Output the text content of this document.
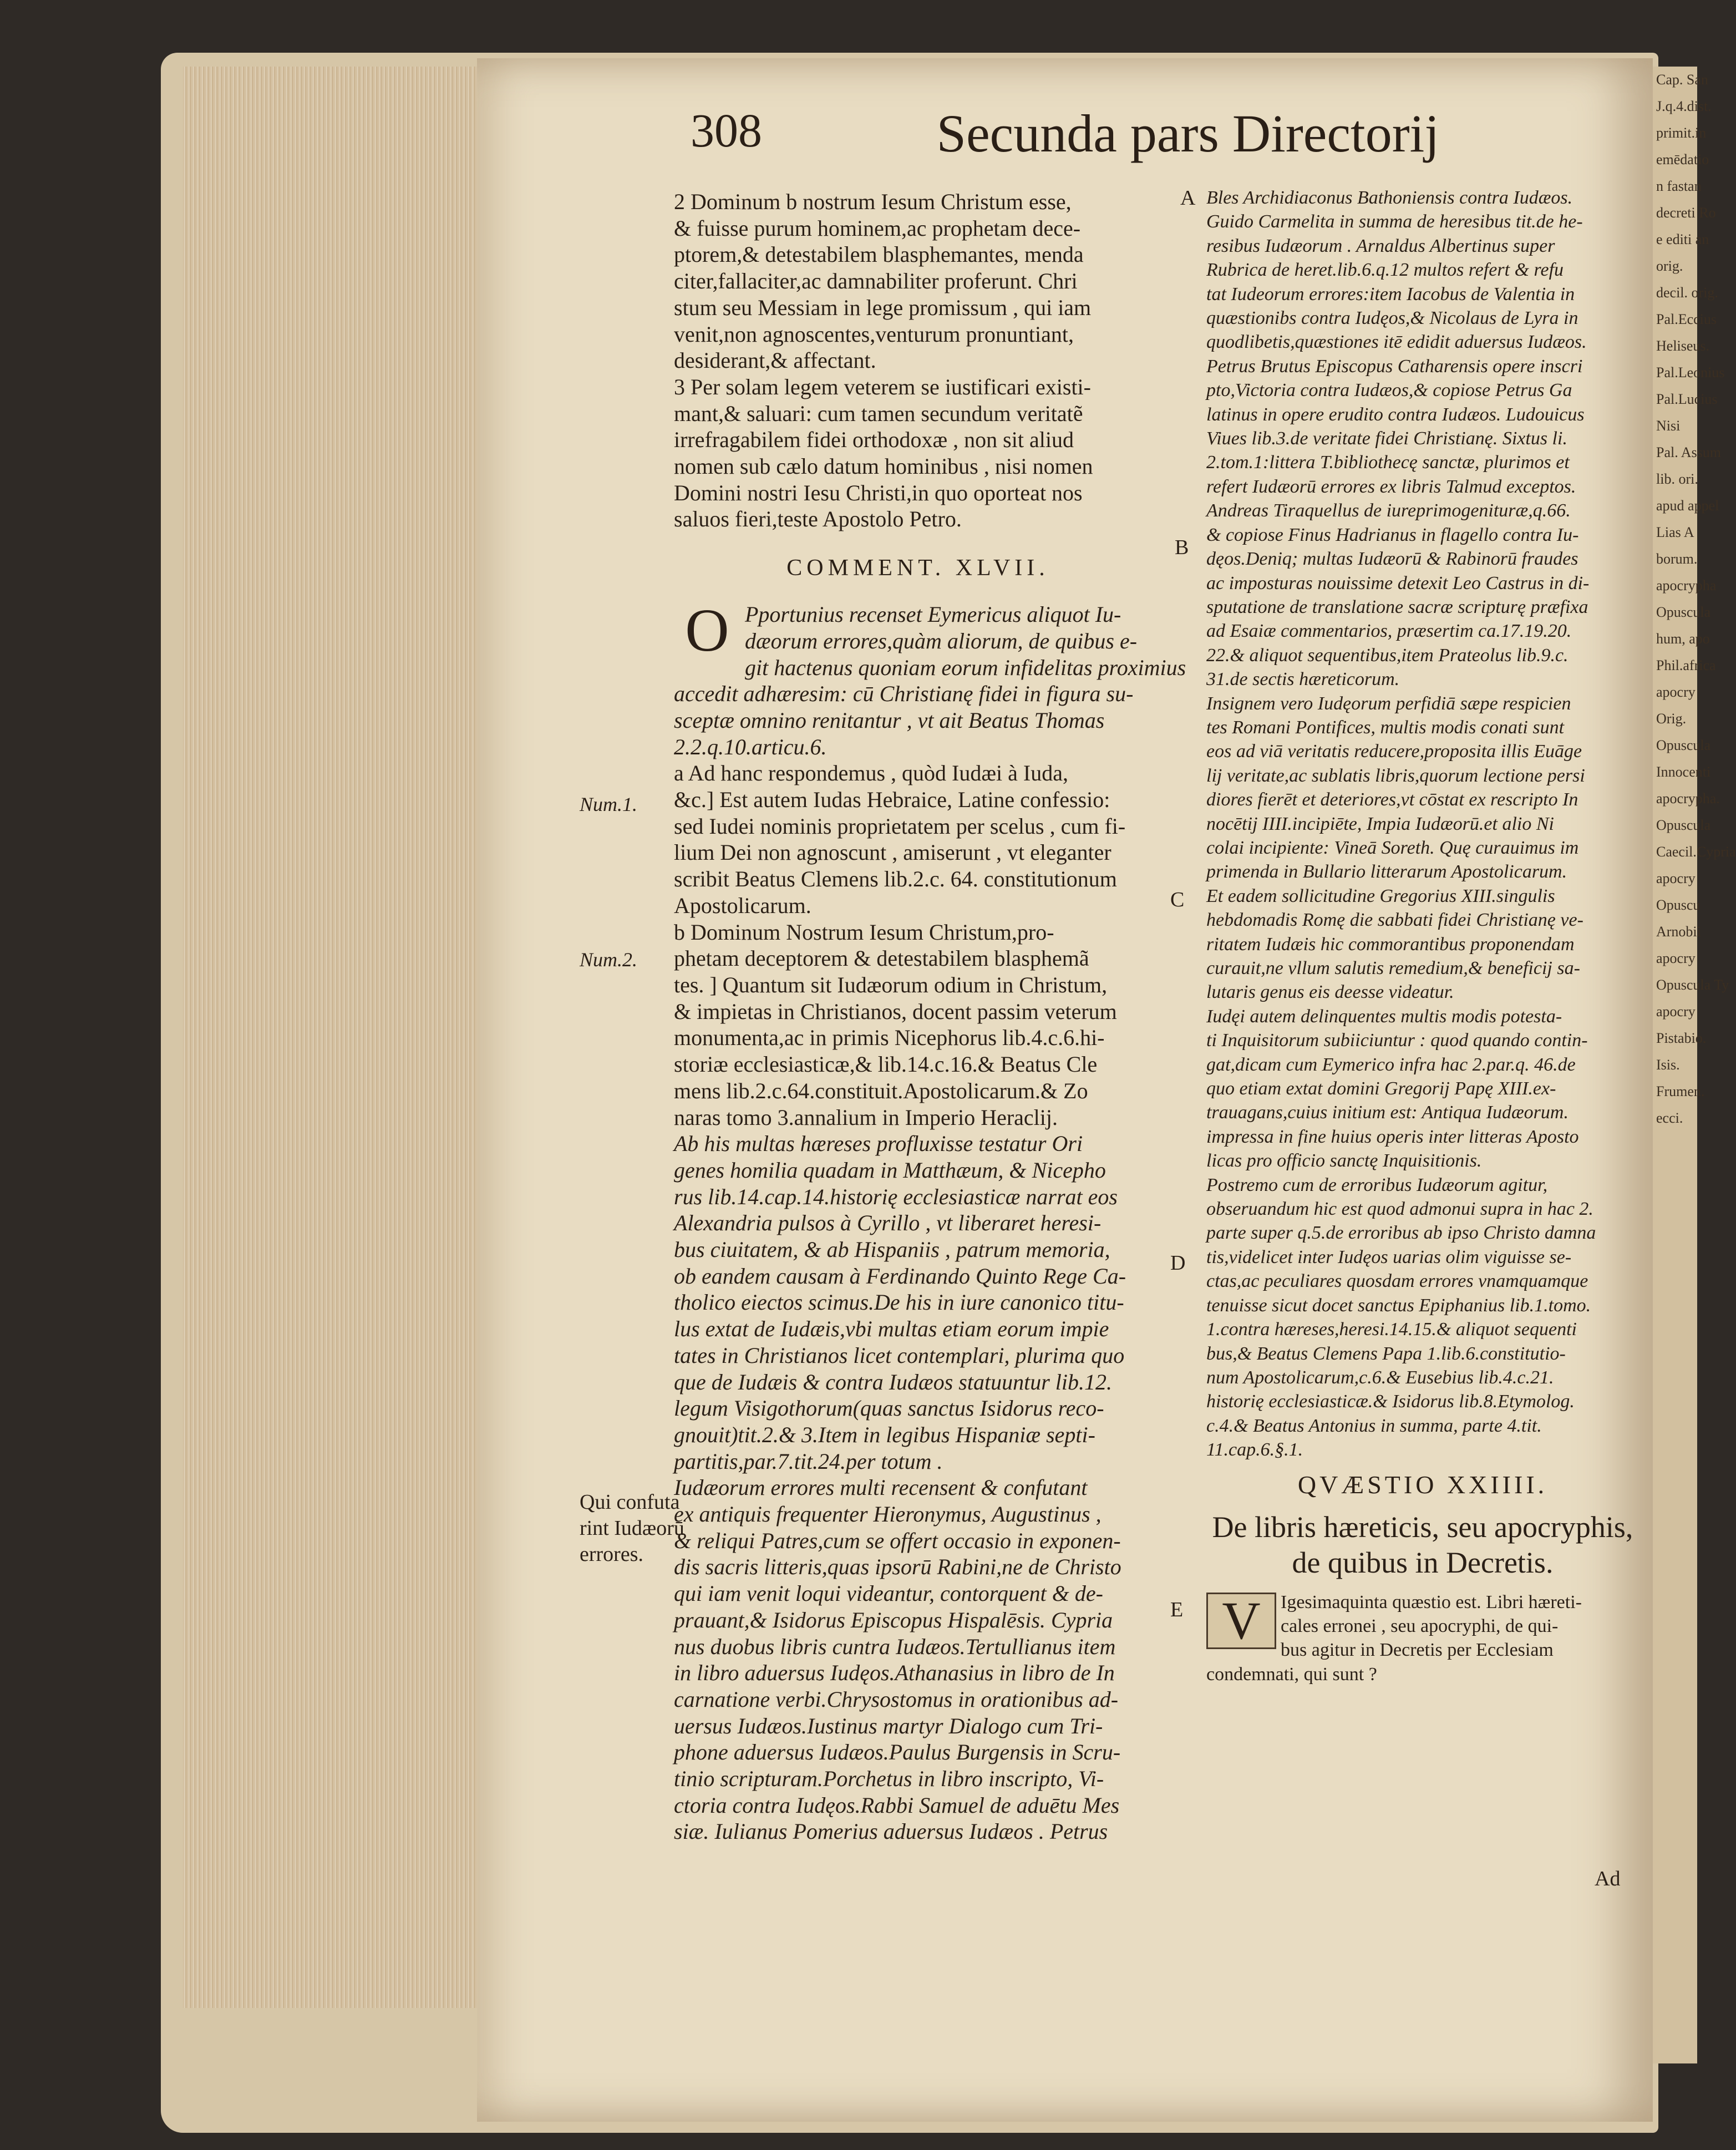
Cap. San
J.q.4.dist.
primit.in
emēdatio
n fastan
decreti Ro
e editi an
orig.
decil. orig.
Pal.Eccius
Heliseus.
Pal.Leonius
Pal.Lucius
Nisi
Pal. Assum
lib. ori.
apud appel
Lias A
borum.
apocrypha
Opuscula
hum, apo
Phil.africa
apocry
Orig.
Opuscula
Innocenti
apocrypha.
Opuscula
Caecil.Cypria
apocry
Opuscu
Arnobii
apocry
Opuscula Ty
apocry
Pistabio.
Isis.
Frumen.
ecci.
308	Secunda pars Directorij
Num.1.
Num.2.
Qui confuta
rint Iudæorū
errores.
A
B
C
D
E
2 Dominum b nostrum Iesum Christum esse,
& fuisse purum hominem,ac prophetam dece-
ptorem,& detestabilem blasphemantes, menda
citer,fallaciter,ac damnabiliter proferunt. Chri
stum seu Messiam in lege promissum , qui iam
venit,non agnoscentes,venturum pronuntiant,
desiderant,& affectant.
3 Per solam legem veterem se iustificari existi-
mant,& saluari: cum tamen secundum veritatẽ
irrefragabilem fidei orthodoxæ , non sit aliud
nomen sub cælo datum hominibus , nisi nomen
Domini nostri Iesu Christi,in quo oporteat nos
saluos fieri,teste Apostolo Petro.
COMMENT. XLVII.
O Pportunius recenset Eymericus aliquot Iu-
dæorum errores,quàm aliorum, de quibus e-
git hactenus quoniam eorum infidelitas proximius
accedit adhæresim: cū Christianę fidei in figura su-
sceptæ omnino renitantur , vt ait Beatus Thomas
2.2.q.10.articu.6.
a Ad hanc respondemus , quòd Iudæi à Iuda,
&c.] Est autem Iudas Hebraice, Latine confessio:
sed Iudei nominis proprietatem per scelus , cum fi-
lium Dei non agnoscunt , amiserunt , vt eleganter
scribit Beatus Clemens lib.2.c. 64. constitutionum
Apostolicarum.
b Dominum Nostrum Iesum Christum,pro-
phetam deceptorem & detestabilem blasphemã
tes. ] Quantum sit Iudæorum odium in Christum,
& impietas in Christianos, docent passim veterum
monumenta,ac in primis Nicephorus lib.4.c.6.hi-
storiæ ecclesiasticæ,& lib.14.c.16.& Beatus Cle
mens lib.2.c.64.constituit.Apostolicarum.& Zo
naras tomo 3.annalium in Imperio Heraclij.
Ab his multas hæreses profluxisse testatur Ori
genes homilia quadam in Matthæum, & Nicepho
rus lib.14.cap.14.historię ecclesiasticæ narrat eos
Alexandria pulsos à Cyrillo , vt liberaret heresi-
bus ciuitatem, & ab Hispaniis , patrum memoria,
ob eandem causam à Ferdinando Quinto Rege Ca-
tholico eiectos scimus.De his in iure canonico titu-
lus extat de Iudæis,vbi multas etiam eorum impie
tates in Christianos licet contemplari, plurima quo
que de Iudæis & contra Iudæos statuuntur lib.12.
legum Visigothorum(quas sanctus Isidorus reco-
gnouit)tit.2.& 3.Item in legibus Hispaniæ septi-
partitis,par.7.tit.24.per totum .
Iudæorum errores multi recensent & confutant
ex antiquis frequenter Hieronymus, Augustinus ,
& reliqui Patres,cum se offert occasio in exponen-
dis sacris litteris,quas ipsorū Rabini,ne de Christo
qui iam venit loqui videantur, contorquent & de-
prauant,& Isidorus Episcopus Hispalēsis. Cypria
nus duobus libris cuntra Iudæos.Tertullianus item
in libro aduersus Iudęos.Athanasius in libro de In
carnatione verbi.Chrysostomus in orationibus ad-
uersus Iudæos.Iustinus martyr Dialogo cum Tri-
phone aduersus Iudæos.Paulus Burgensis in Scru-
tinio scripturam.Porchetus in libro inscripto, Vi-
ctoria contra Iudęos.Rabbi Samuel de aduētu Mes
siæ. Iulianus Pomerius aduersus Iudæos . Petrus
Bles Archidiaconus Bathoniensis contra Iudæos.
Guido Carmelita in summa de heresibus tit.de he-
resibus Iudæorum . Arnaldus Albertinus super
Rubrica de heret.lib.6.q.12 multos refert & refu
tat Iudeorum errores:item Iacobus de Valentia in
quæstionibs contra Iudęos,& Nicolaus de Lyra in
quodlibetis,quæstiones itē edidit aduersus Iudæos.
Petrus Brutus Episcopus Catharensis opere inscri
pto,Victoria contra Iudæos,& copiose Petrus Ga
latinus in opere erudito contra Iudæos. Ludouicus
Viues lib.3.de veritate fidei Christianę. Sixtus li.
2.tom.1:littera T.bibliothecę sanctæ, plurimos et
refert Iudæorū errores ex libris Talmud exceptos.
Andreas Tiraquellus de iureprimogenituræ,q.66.
& copiose Finus Hadrianus in flagello contra Iu-
dęos.Deniq; multas Iudæorū & Rabinorū fraudes
ac imposturas nouissime detexit Leo Castrus in di-
sputatione de translatione sacræ scripturę præfixa
ad Esaiæ commentarios, præsertim ca.17.19.20.
22.& aliquot sequentibus,item Prateolus lib.9.c.
31.de sectis hæreticorum.
Insignem vero Iudęorum perfidiā sæpe respicien
tes Romani Pontifices, multis modis conati sunt
eos ad viā veritatis reducere,proposita illis Euāge
lij veritate,ac sublatis libris,quorum lectione persi
diores fierēt et deteriores,vt cōstat ex rescripto In
nocētij IIII.incipiēte, Impia Iudæorū.et alio Ni
colai incipiente: Vineā Soreth. Quę curauimus im
primenda in Bullario litterarum Apostolicarum.
Et eadem sollicitudine Gregorius XIII.singulis
hebdomadis Romę die sabbati fidei Christianę ve-
ritatem Iudæis hic commorantibus proponendam
curauit,ne vllum salutis remedium,& beneficij sa-
lutaris genus eis deesse videatur.
Iudęi autem delinquentes multis modis potesta-
ti Inquisitorum subiiciuntur : quod quando contin-
gat,dicam cum Eymerico infra hac 2.par.q. 46.de
quo etiam extat domini Gregorij Papę XIII.ex-
trauagans,cuius initium est: Antiqua Iudæorum.
impressa in fine huius operis inter litteras Aposto
licas pro officio sanctę Inquisitionis.
Postremo cum de erroribus Iudæorum agitur,
obseruandum hic est quod admonui supra in hac 2.
parte super q.5.de erroribus ab ipso Christo damna
tis,videlicet inter Iudęos uarias olim viguisse se-
ctas,ac peculiares quosdam errores vnamquamque
tenuisse sicut docet sanctus Epiphanius lib.1.tomo.
1.contra hæreses,heresi.14.15.& aliquot sequenti
bus,& Beatus Clemens Papa 1.lib.6.constitutio-
num Apostolicarum,c.6.& Eusebius lib.4.c.21.
historię ecclesiasticæ.& Isidorus lib.8.Etymolog.
c.4.& Beatus Antonius in summa, parte 4.tit.
11.cap.6.§.1.
QVÆSTIO XXIIII.
De libris hæreticis, seu apocryphis,
de quibus in Decretis.
V	Igesimaquinta quæstio est. Libri hæreti-
cales erronei , seu apocryphi, de qui-
bus agitur in Decretis per Ecclesiam
condemnati, qui sunt ?
Ad
